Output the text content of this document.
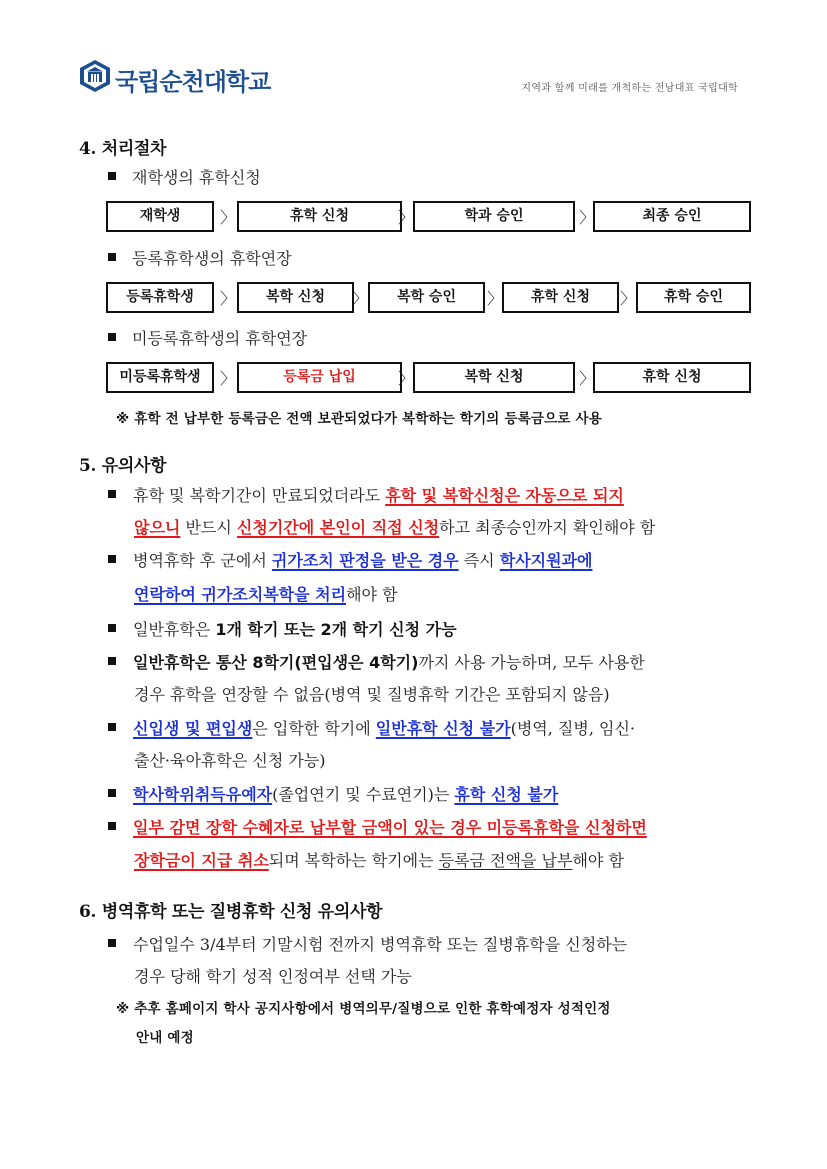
국립순천대학교	지역과 함께 미래를 개척하는 전남대표 국립대학
4. 처리절차
재학생의 휴학신청
재학생	〉	휴학 신청	〉	학과 승인	〉	최종 승인
등록휴학생의 휴학연장
등록휴학생	〉	복학 신청	〉	복학 승인	〉	휴학 신청	〉	휴학 승인
미등록휴학생의 휴학연장
미등록휴학생	〉	등록금 납입	〉	복학 신청	〉	휴학 신청
※ 휴학 전 납부한 등록금은 전액 보관되었다가 복학하는 학기의 등록금으로 사용
5. 유의사항
휴학 및 복학기간이 만료되었더라도 휴학 및 복학신청은 자동으로 되지
않으니 반드시 신청기간에 본인이 직접 신청하고 최종승인까지 확인해야 함
병역휴학 후 군에서 귀가조치 판정을 받은 경우 즉시 학사지원과에
연락하여 귀가조치복학을 처리해야 함
일반휴학은 1개 학기 또는 2개 학기 신청 가능
일반휴학은 통산 8학기(편입생은 4학기)까지 사용 가능하며, 모두 사용한
경우 휴학을 연장할 수 없음(병역 및 질병휴학 기간은 포함되지 않음)
신입생 및 편입생은 입학한 학기에 일반휴학 신청 불가(병역, 질병, 임신·
출산·육아휴학은 신청 가능)
학사학위취득유예자(졸업연기 및 수료연기)는 휴학 신청 불가
일부 감면 장학 수혜자로 납부할 금액이 있는 경우 미등록휴학을 신청하면
장학금이 지급 취소되며 복학하는 학기에는 등록금 전액을 납부해야 함
6. 병역휴학 또는 질병휴학 신청 유의사항
수업일수 3/4부터 기말시험 전까지 병역휴학 또는 질병휴학을 신청하는
경우 당해 학기 성적 인정여부 선택 가능
※ 추후 홈페이지 학사 공지사항에서 병역의무/질병으로 인한 휴학예정자 성적인정
안내 예정
